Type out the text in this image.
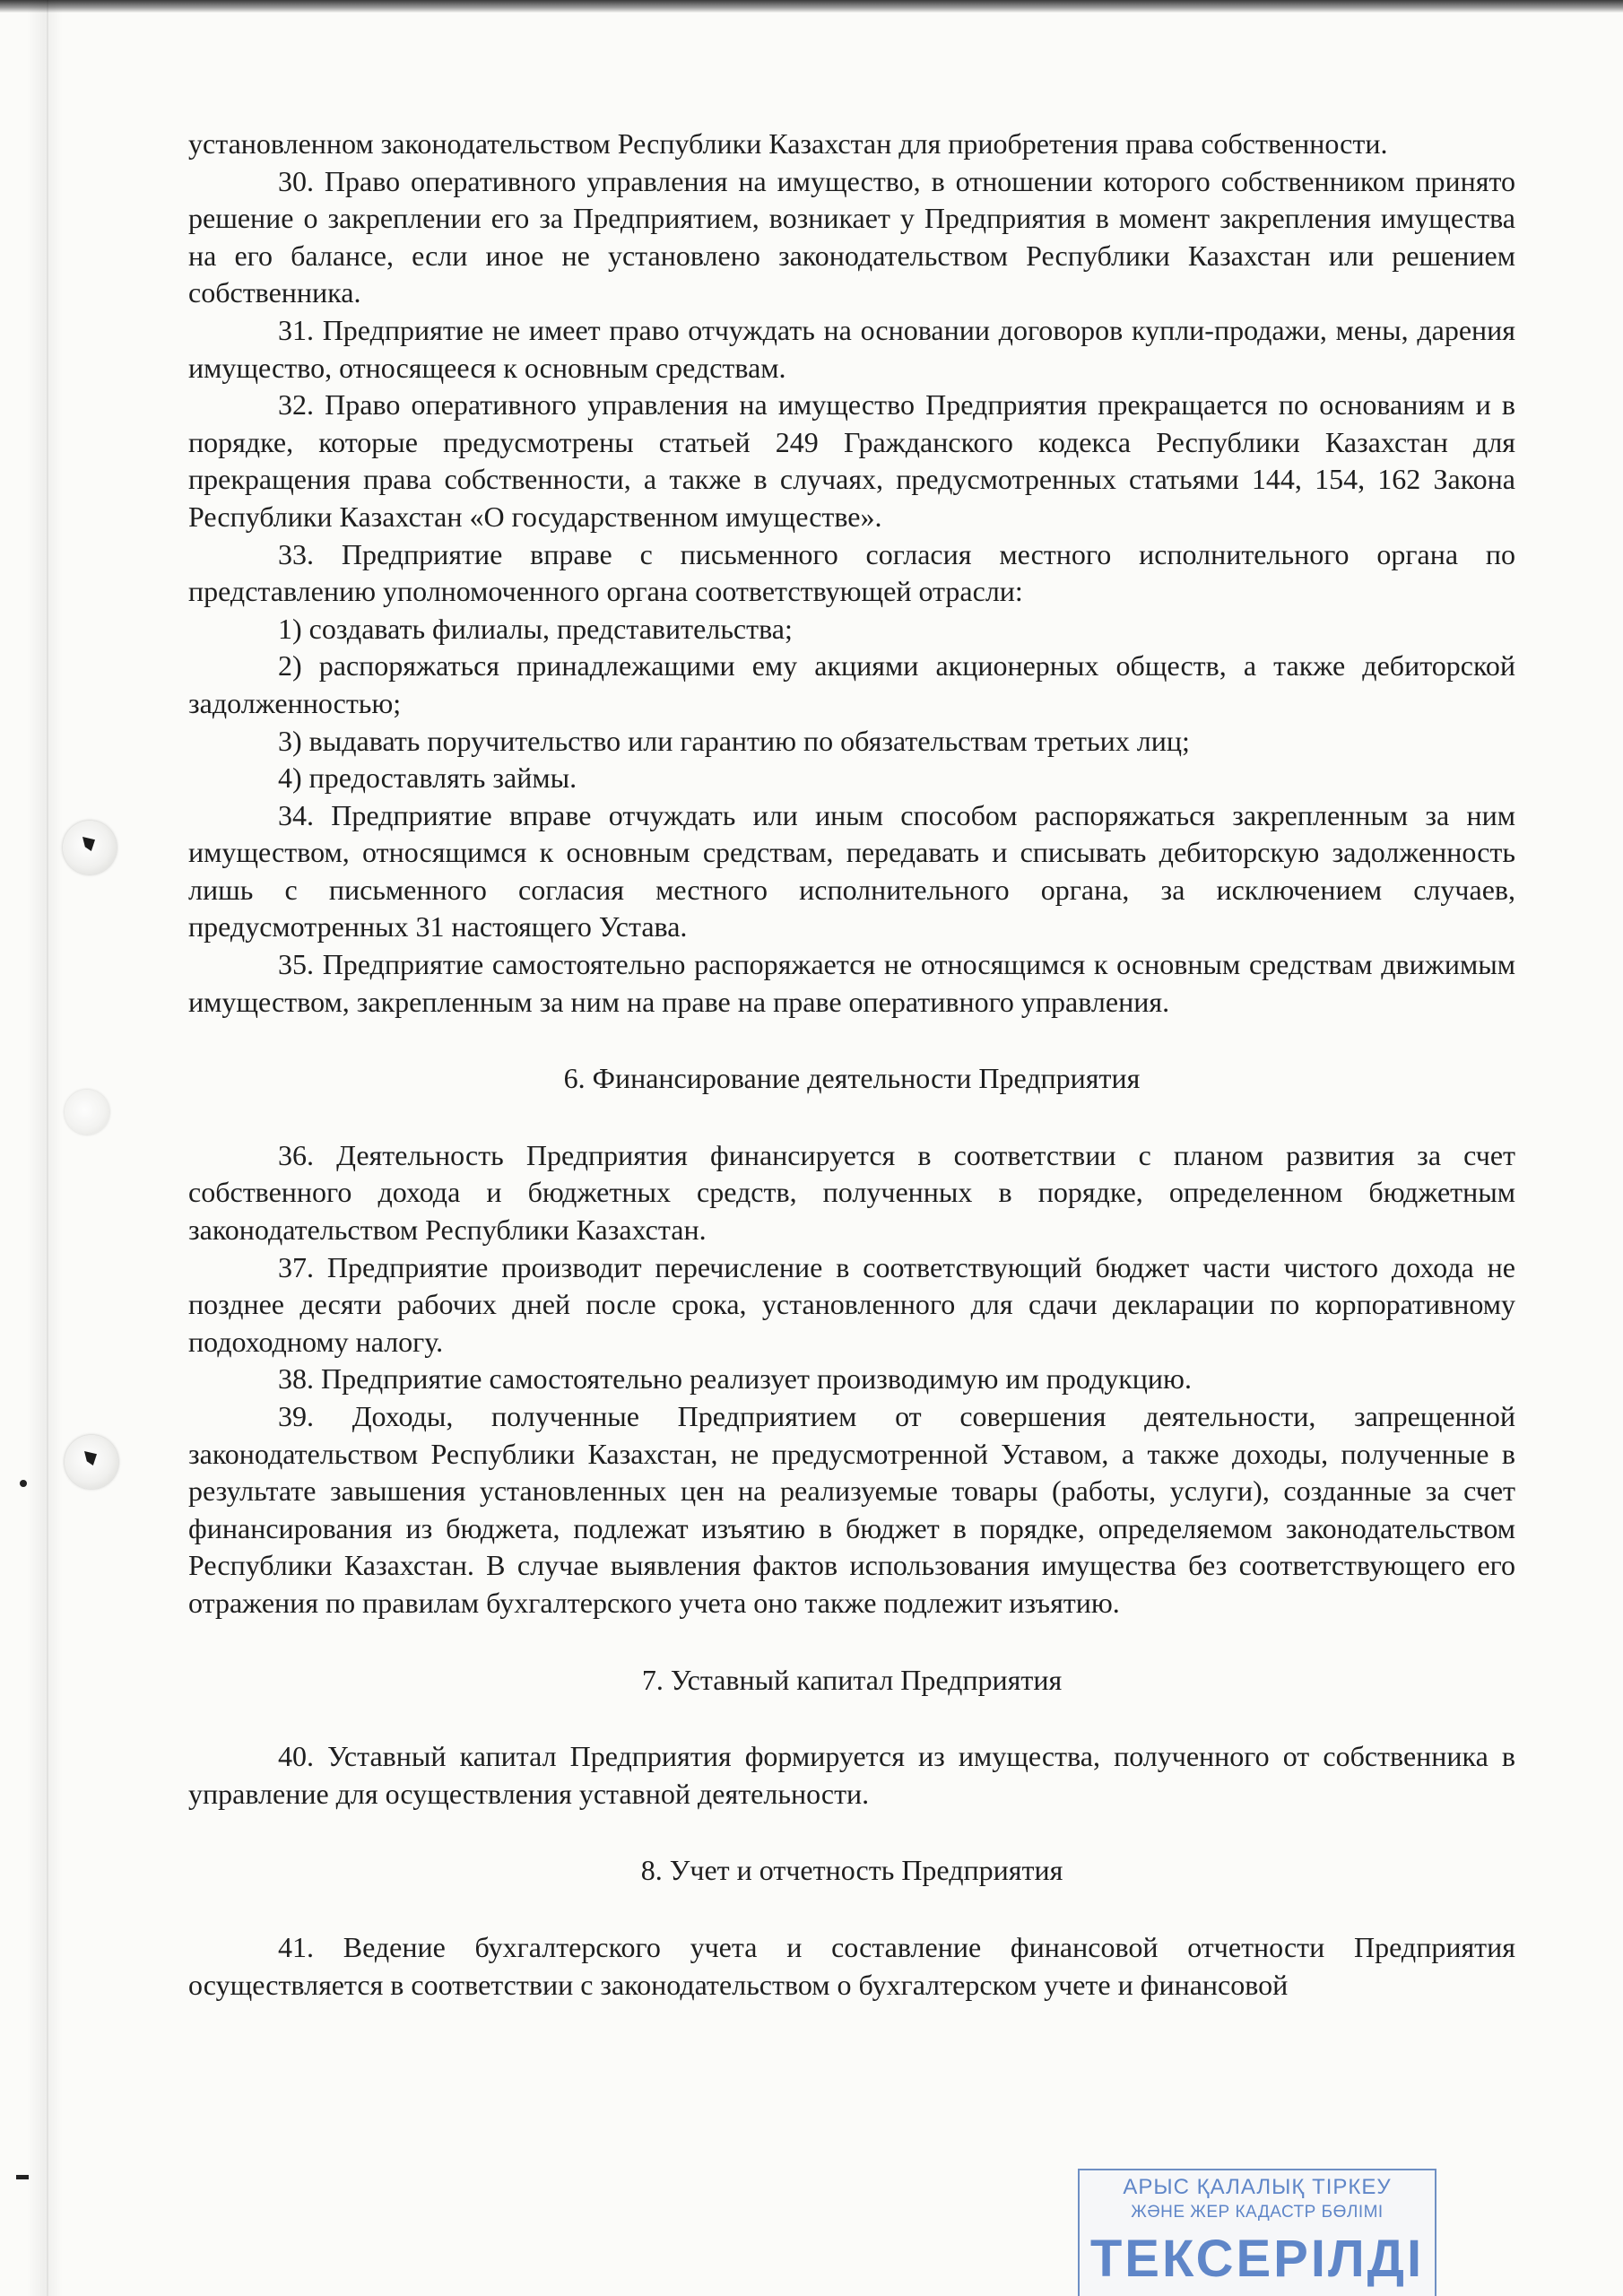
установленном законодательством Республики Казахстан для приобретения права собственности.

30. Право оперативного управления на имущество, в отношении которого собственником принято решение о закреплении его за Предприятием, возникает у Предприятия в момент закрепления имущества на его балансе, если иное не установлено законодательством Республики Казахстан или решением собственника.

31. Предприятие не имеет право отчуждать на основании договоров купли-продажи, мены, дарения имущество, относящееся к основным средствам.

32. Право оперативного управления на имущество Предприятия прекращается по основаниям и в порядке, которые предусмотрены статьей 249 Гражданского кодекса Республики Казахстан для прекращения права собственности, а также в случаях, предусмотренных статьями 144, 154, 162 Закона Республики Казахстан «О государственном имуществе».

33. Предприятие вправе с письменного согласия местного исполнительного органа по представлению уполномоченного органа соответствующей отрасли:

1) создавать филиалы, представительства;

2) распоряжаться принадлежащими ему акциями акционерных обществ, а также дебиторской задолженностью;

3) выдавать поручительство или гарантию по обязательствам третьих лиц;

4) предоставлять займы.

34. Предприятие вправе отчуждать или иным способом распоряжаться закрепленным за ним имуществом, относящимся к основным средствам, передавать и списывать дебиторскую задолженность лишь с письменного согласия местного исполнительного органа, за исключением случаев, предусмотренных 31 настоящего Устава.

35. Предприятие самостоятельно распоряжается не относящимся к основным средствам движимым имуществом, закрепленным за ним на праве на праве оперативного управления.

6. Финансирование деятельности Предприятия

36. Деятельность Предприятия финансируется в соответствии с планом развития за счет собственного дохода и бюджетных средств, полученных в порядке, определенном бюджетным законодательством Республики Казахстан.

37. Предприятие производит перечисление в соответствующий бюджет части чистого дохода не позднее десяти рабочих дней после срока, установленного для сдачи декларации по корпоративному подоходному налогу.

38. Предприятие самостоятельно реализует производимую им продукцию.

39. Доходы, полученные Предприятием от совершения деятельности, запрещенной законодательством Республики Казахстан, не предусмотренной Уставом, а также доходы, полученные в результате завышения установленных цен на реализуемые товары (работы, услуги), созданные за счет финансирования из бюджета, подлежат изъятию в бюджет в порядке, определяемом законодательством Республики Казахстан. В случае выявления фактов использования имущества без соответствующего его отражения по правилам бухгалтерского учета оно также подлежит изъятию.

7. Уставный капитал Предприятия

40. Уставный капитал Предприятия формируется из имущества, полученного от собственника в управление для осуществления уставной деятельности.

8. Учет и отчетность Предприятия

41. Ведение бухгалтерского учета и составление финансовой отчетности Предприятия осуществляется в соответствии с законодательством о бухгалтерском учете и финансовой

АРЫС ҚАЛАЛЫҚ ТІРКЕУ
ЖӘНЕ ЖЕР КАДАСТР БӨЛІМІ
ТЕКСЕРІЛДІ
